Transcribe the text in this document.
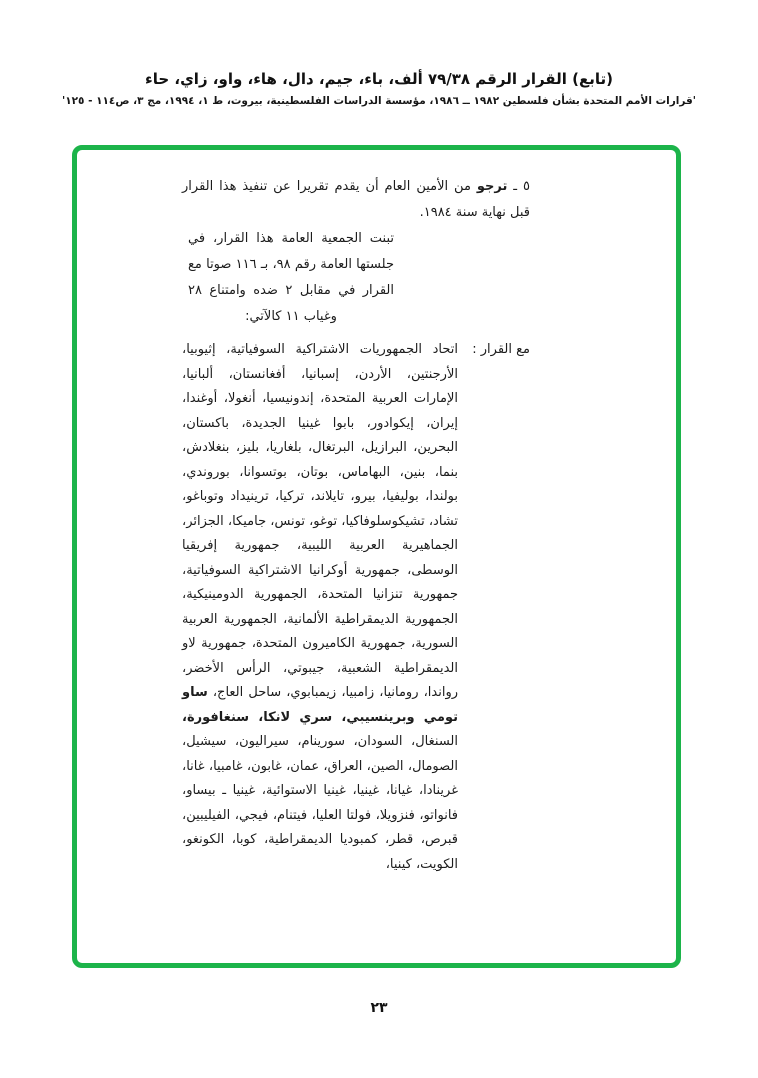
(تابع) القرار الرقم ٧٩/٣٨ ألف، باء، جيم، دال، هاء، واو، زاي، حاء
'قرارات الأمم المتحدة بشأن فلسطين ١٩٨٢ ــ ١٩٨٦، مؤسسة الدراسات الفلسطينية، بيروت، ط ١، ١٩٩٤، مج ٣، ص١١٤ - ١٢٥'

٥ ـ ترجو من الأمين العام أن يقدم تقريرا عن تنفيذ هذا القرار قبل نهاية سنة ١٩٨٤.

تبنت الجمعية العامة هذا القرار، في جلستها العامة رقم ٩٨، بـ ١١٦ صوتا مع القرار في مقابل ٢ ضده وامتناع ٢٨ وغياب ١١ كالآتي:

مع القرار :
اتحاد الجمهوريات الاشتراكية السوفياتية، إثيوبيا، الأرجنتين، الأردن، إسبانيا، أفغانستان، ألبانيا، الإمارات العربية المتحدة، إندونيسيا، أنغولا، أوغندا، إيران، إيكوادور، بابوا غينيا الجديدة، باكستان، البحرين، البرازيل، البرتغال، بلغاريا، بليز، بنغلادش، بنما، بنين، البهاماس، بوتان، بوتسوانا، بوروندي، بولندا، بوليفيا، بيرو، تايلاند، تركيا، ترينيداد وتوباغو، تشاد، تشيكوسلوفاكيا، توغو، تونس، جاميكا، الجزائر، الجماهيرية العربية الليبية، جمهورية إفريقيا الوسطى، جمهورية أوكرانيا الاشتراكية السوفياتية، جمهورية تنزانيا المتحدة، الجمهورية الدومينيكية، الجمهورية الديمقراطية الألمانية، الجمهورية العربية السورية، جمهورية الكاميرون المتحدة، جمهورية لاو الديمقراطية الشعبية، جيبوتي، الرأس الأخضر، رواندا، رومانيا، زامبيا، زيمبابوي، ساحل العاج، ساو تومي وبرينسيبي، سري لانكا، سنغافورة، السنغال، السودان، سورينام، سيراليون، سيشيل، الصومال، الصين، العراق، عمان، غابون، غامبيا، غانا، غرينادا، غيانا، غينيا، غينيا الاستوائية، غينيا ـ بيساو، فانواتو، فنزويلا، فولتا العليا، فيتنام، فيجي، الفيليبين، قبرص، قطر، كمبوديا الديمقراطية، كوبا، الكونغو، الكويت، كينيا،
٢٣
